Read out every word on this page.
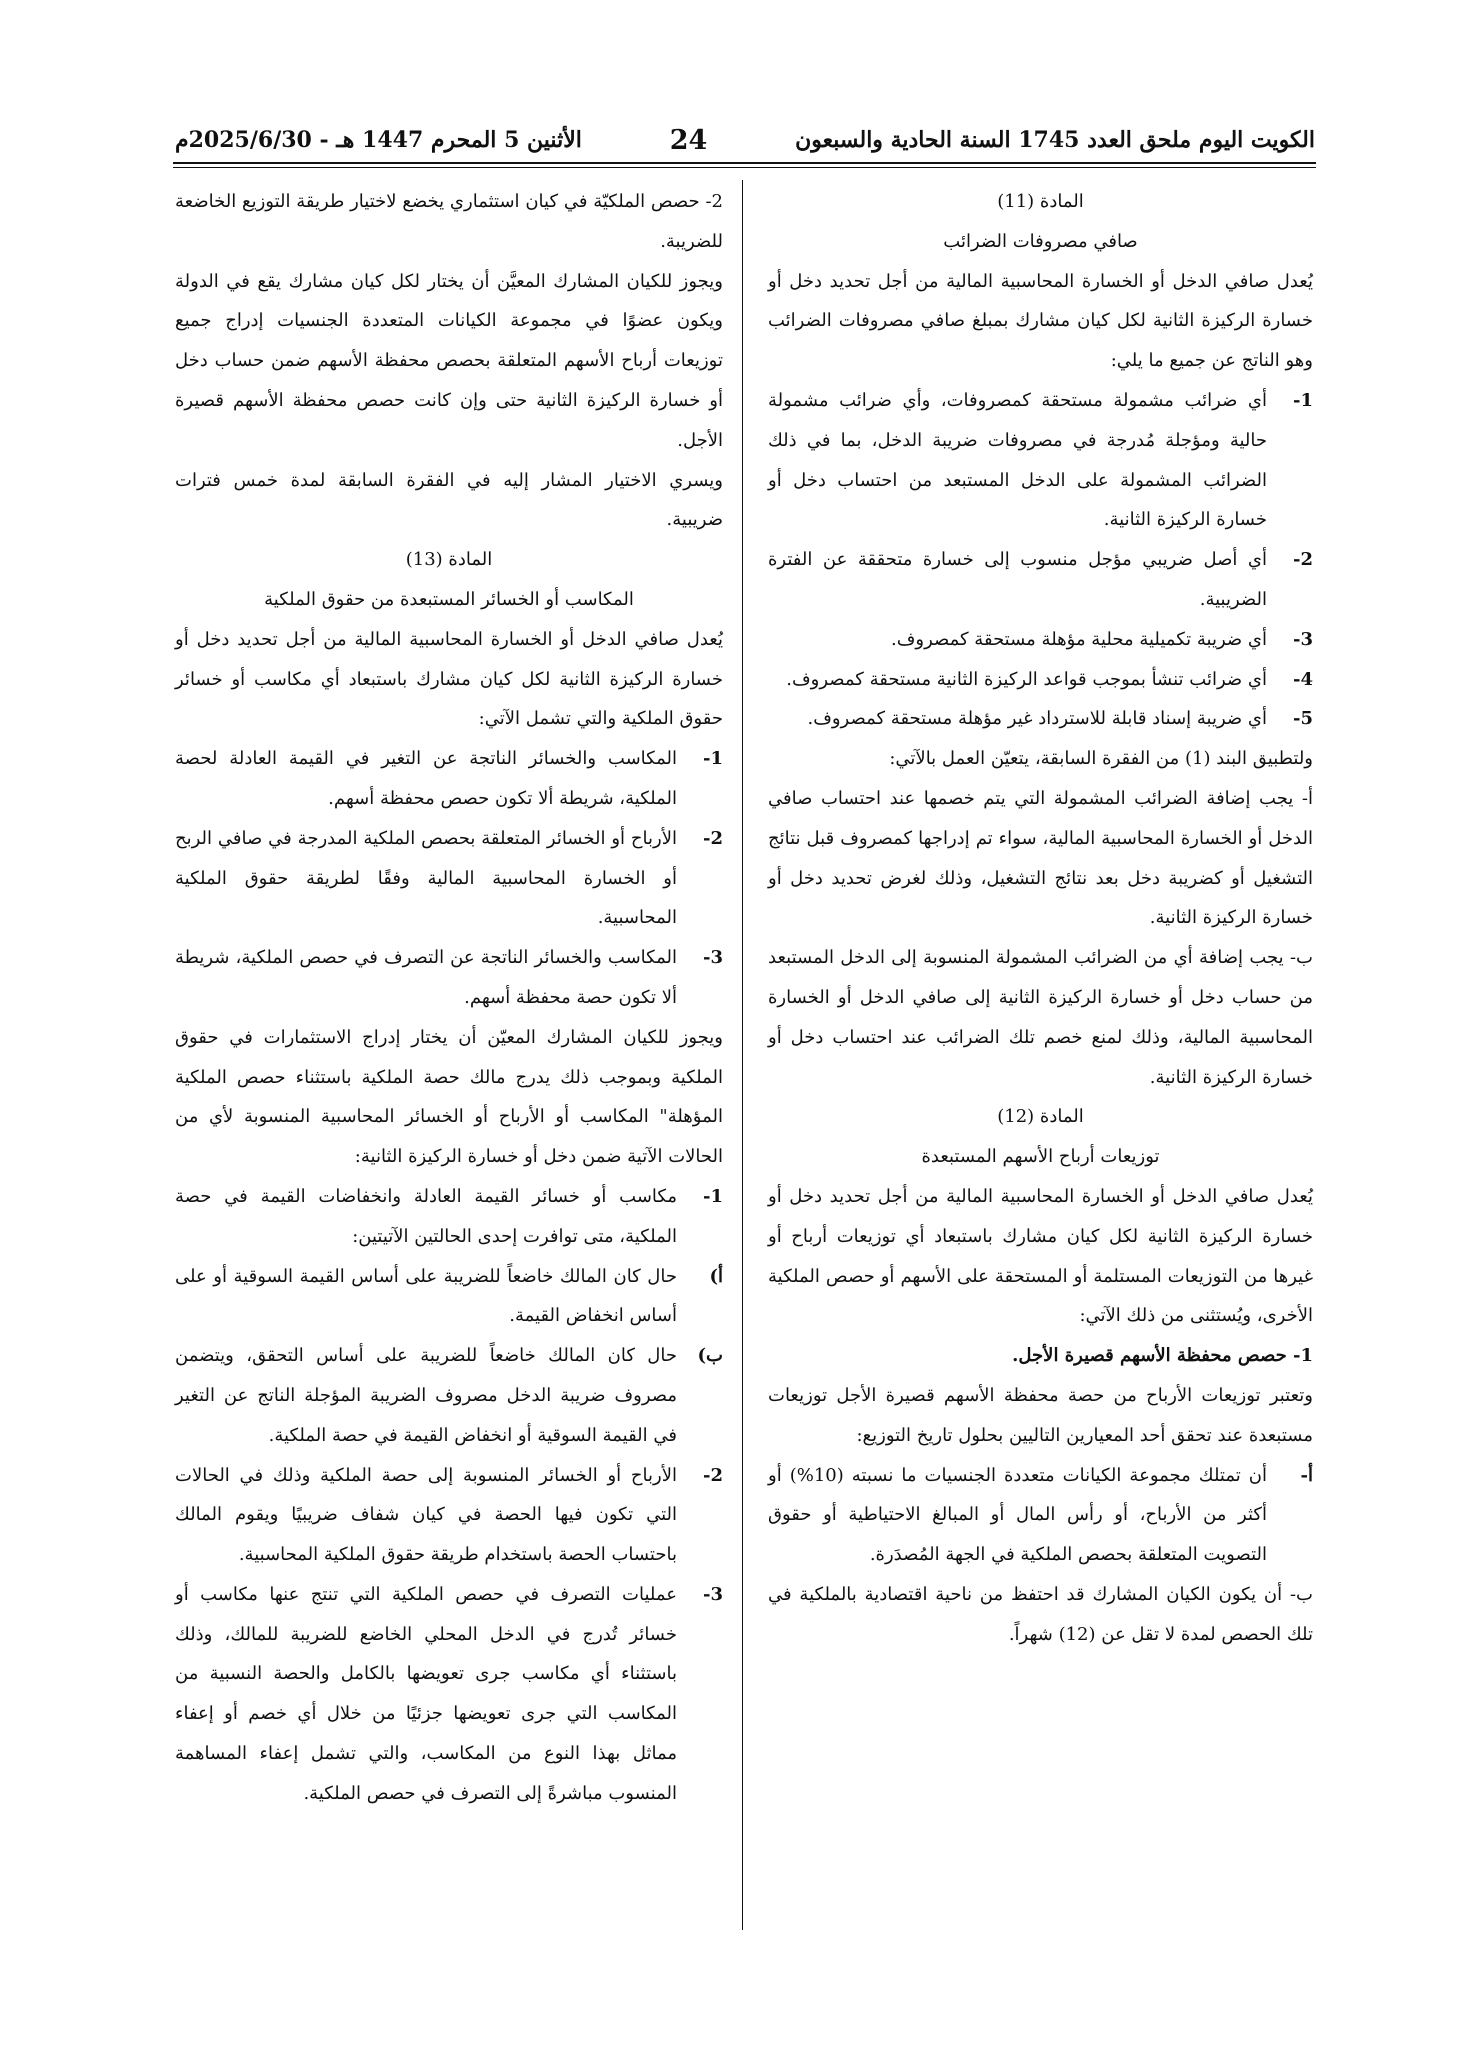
الكويت اليوم ملحق العدد 1745 السنة الحادية والسبعون
24
الأثنين 5 المحرم 1447 هـ - 2025/6/30م

المادة (11)

صافي مصروفات الضرائب

يُعدل صافي الدخل أو الخسارة المحاسبية المالية من أجل تحديد دخل أو خسارة الركيزة الثانية لكل كيان مشارك بمبلغ صافي مصروفات الضرائب وهو الناتج عن جميع ما يلي:

1-
أي ضرائب مشمولة مستحقة كمصروفات، وأي ضرائب مشمولة حالية ومؤجلة مُدرجة في مصروفات ضريبة الدخل، بما في ذلك الضرائب المشمولة على الدخل المستبعد من احتساب دخل أو خسارة الركيزة الثانية.
2-
أي أصل ضريبي مؤجل منسوب إلى خسارة متحققة عن الفترة الضريبية.
3-
أي ضريبة تكميلية محلية مؤهلة مستحقة كمصروف.
4-
أي ضرائب تنشأ بموجب قواعد الركيزة الثانية مستحقة كمصروف.
5-
أي ضريبة إسناد قابلة للاسترداد غير مؤهلة مستحقة كمصروف.

ولتطبيق البند (1) من الفقرة السابقة، يتعيّن العمل بالآتي:

أ- يجب إضافة الضرائب المشمولة التي يتم خصمها عند احتساب صافي الدخل أو الخسارة المحاسبية المالية، سواء تم إدراجها كمصروف قبل نتائج التشغيل أو كضريبة دخل بعد نتائج التشغيل، وذلك لغرض تحديد دخل أو خسارة الركيزة الثانية.

ب- يجب إضافة أي من الضرائب المشمولة المنسوبة إلى الدخل المستبعد من حساب دخل أو خسارة الركيزة الثانية إلى صافي الدخل أو الخسارة المحاسبية المالية، وذلك لمنع خصم تلك الضرائب عند احتساب دخل أو خسارة الركيزة الثانية.

المادة (12)

توزيعات أرباح الأسهم المستبعدة

يُعدل صافي الدخل أو الخسارة المحاسبية المالية من أجل تحديد دخل أو خسارة الركيزة الثانية لكل كيان مشارك باستبعاد أي توزيعات أرباح أو غيرها من التوزيعات المستلمة أو المستحقة على الأسهم أو حصص الملكية الأخرى، ويُستثنى من ذلك الآتي:

1- حصص محفظة الأسهم قصيرة الأجل.

وتعتبر توزيعات الأرباح من حصة محفظة الأسهم قصيرة الأجل توزيعات مستبعدة عند تحقق أحد المعيارين التاليين بحلول تاريخ التوزيع:

أ-
أن تمتلك مجموعة الكيانات متعددة الجنسيات ما نسبته (10%) أو أكثر من الأرباح، أو رأس المال أو المبالغ الاحتياطية أو حقوق التصويت المتعلقة بحصص الملكية في الجهة المُصدَرة.

ب- أن يكون الكيان المشارك قد احتفظ من ناحية اقتصادية بالملكية في تلك الحصص لمدة لا تقل عن (12) شهراً.

2- حصص الملكيّة في كيان استثماري يخضع لاختيار طريقة التوزيع الخاضعة للضريبة.

ويجوز للكيان المشارك المعيَّن أن يختار لكل كيان مشارك يقع في الدولة ويكون عضوًا في مجموعة الكيانات المتعددة الجنسيات إدراج جميع توزيعات أرباح الأسهم المتعلقة بحصص محفظة الأسهم ضمن حساب دخل أو خسارة الركيزة الثانية حتى وإن كانت حصص محفظة الأسهم قصيرة الأجل.

ويسري الاختيار المشار إليه في الفقرة السابقة لمدة خمس فترات ضريبية.

المادة (13)

المكاسب أو الخسائر المستبعدة من حقوق الملكية

يُعدل صافي الدخل أو الخسارة المحاسبية المالية من أجل تحديد دخل أو خسارة الركيزة الثانية لكل كيان مشارك باستبعاد أي مكاسب أو خسائر حقوق الملكية والتي تشمل الآتي:

1-
المكاسب والخسائر الناتجة عن التغير في القيمة العادلة لحصة الملكية، شريطة ألا تكون حصص محفظة أسهم.
2-
الأرباح أو الخسائر المتعلقة بحصص الملكية المدرجة في صافي الربح أو الخسارة المحاسبية المالية وفقًا لطريقة حقوق الملكية المحاسبية.
3-
المكاسب والخسائر الناتجة عن التصرف في حصص الملكية، شريطة ألا تكون حصة محفظة أسهم.

ويجوز للكيان المشارك المعيّن أن يختار إدراج الاستثمارات في حقوق الملكية وبموجب ذلك يدرج مالك حصة الملكية باستثناء حصص الملكية المؤهلة" المكاسب أو الأرباح أو الخسائر المحاسبية المنسوبة لأي من الحالات الآتية ضمن دخل أو خسارة الركيزة الثانية:

1-
مكاسب أو خسائر القيمة العادلة وانخفاضات القيمة في حصة الملكية، متى توافرت إحدى الحالتين الآتيتين:
أ)
حال كان المالك خاضعاً للضريبة على أساس القيمة السوقية أو على أساس انخفاض القيمة.
ب)
حال كان المالك خاضعاً للضريبة على أساس التحقق، ويتضمن مصروف ضريبة الدخل مصروف الضريبة المؤجلة الناتج عن التغير في القيمة السوقية أو انخفاض القيمة في حصة الملكية.
2-
الأرباح أو الخسائر المنسوبة إلى حصة الملكية وذلك في الحالات التي تكون فيها الحصة في كيان شفاف ضريبيًا ويقوم المالك باحتساب الحصة باستخدام طريقة حقوق الملكية المحاسبية.
3-
عمليات التصرف في حصص الملكية التي تنتج عنها مكاسب أو خسائر تُدرج في الدخل المحلي الخاضع للضريبة للمالك، وذلك باستثناء أي مكاسب جرى تعويضها بالكامل والحصة النسبية من المكاسب التي جرى تعويضها جزئيًا من خلال أي خصم أو إعفاء مماثل بهذا النوع من المكاسب، والتي تشمل إعفاء المساهمة المنسوب مباشرةً إلى التصرف في حصص الملكية.
